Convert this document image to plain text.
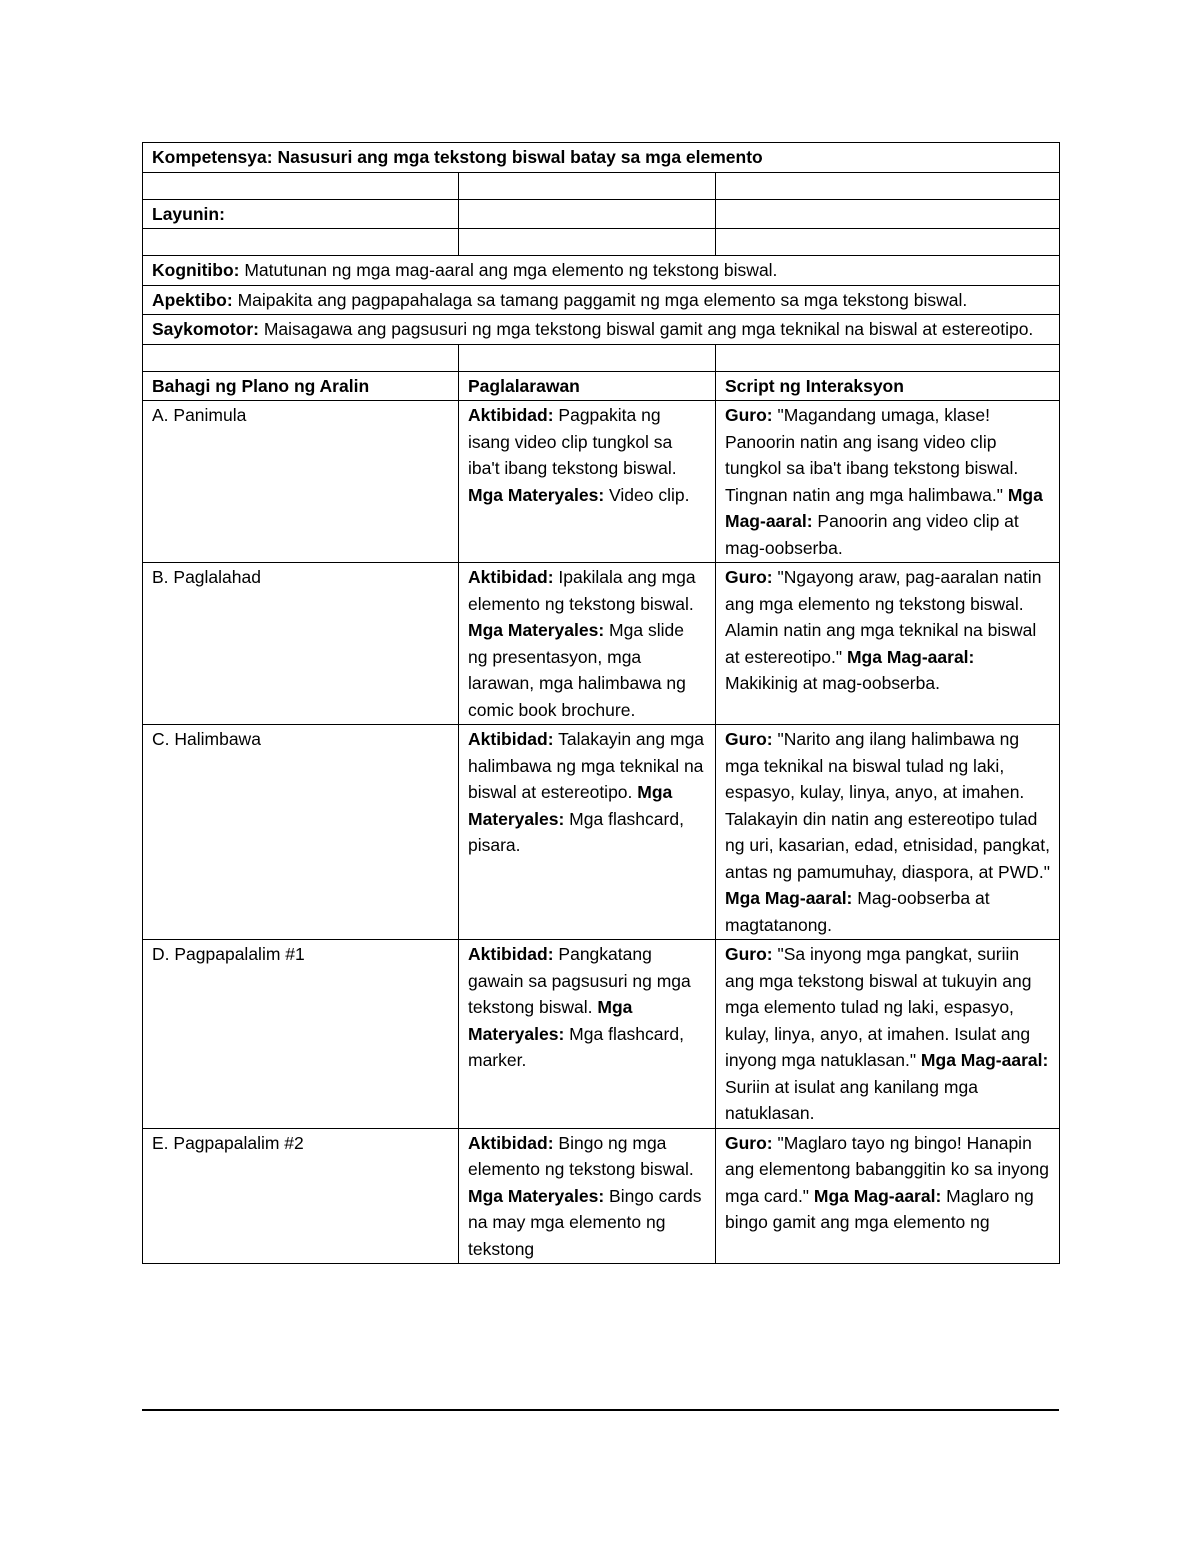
Kompetensya: Nasusuri ang mga tekstong biswal batay sa mga elemento		

Layunin:		

Kognitibo: Matutunan ng mga mag-aaral ang mga elemento ng tekstong biswal.		
Apektibo: Maipakita ang pagpapahalaga sa tamang paggamit ng mga elemento sa mga tekstong biswal.		
Saykomotor: Maisagawa ang pagsusuri ng mga tekstong biswal gamit ang mga teknikal na biswal at estereotipo.		

Bahagi ng Plano ng Aralin	Paglalarawan	Script ng Interaksyon
A. Panimula	Aktibidad: Pagpakita ng isang video clip tungkol sa iba't ibang tekstong biswal. Mga Materyales: Video clip.	Guro: "Magandang umaga, klase! Panoorin natin ang isang video clip tungkol sa iba't ibang tekstong biswal. Tingnan natin ang mga halimbawa." Mga Mag-aaral: Panoorin ang video clip at mag-oobserba.
B. Paglalahad	Aktibidad: Ipakilala ang mga elemento ng tekstong biswal. Mga Materyales: Mga slide ng presentasyon, mga larawan, mga halimbawa ng comic book brochure.	Guro: "Ngayong araw, pag-aaralan natin ang mga elemento ng tekstong biswal. Alamin natin ang mga teknikal na biswal at estereotipo." Mga Mag-aaral: Makikinig at mag-oobserba.
C. Halimbawa	Aktibidad: Talakayin ang mga halimbawa ng mga teknikal na biswal at estereotipo. Mga Materyales: Mga flashcard, pisara.	Guro: "Narito ang ilang halimbawa ng mga teknikal na biswal tulad ng laki, espasyo, kulay, linya, anyo, at imahen. Talakayin din natin ang estereotipo tulad ng uri, kasarian, edad, etnisidad, pangkat, antas ng pamumuhay, diaspora, at PWD." Mga Mag-aaral: Mag-oobserba at magtatanong.
D. Pagpapalalim #1	Aktibidad: Pangkatang gawain sa pagsusuri ng mga tekstong biswal. Mga Materyales: Mga flashcard, marker.	Guro: "Sa inyong mga pangkat, suriin ang mga tekstong biswal at tukuyin ang mga elemento tulad ng laki, espasyo, kulay, linya, anyo, at imahen. Isulat ang inyong mga natuklasan." Mga Mag-aaral: Suriin at isulat ang kanilang mga natuklasan.
E. Pagpapalalim #2	Aktibidad: Bingo ng mga elemento ng tekstong biswal. Mga Materyales: Bingo cards na may mga elemento ng tekstong	Guro: "Maglaro tayo ng bingo! Hanapin ang elementong babanggitin ko sa inyong mga card." Mga Mag-aaral: Maglaro ng bingo gamit ang mga elemento ng
